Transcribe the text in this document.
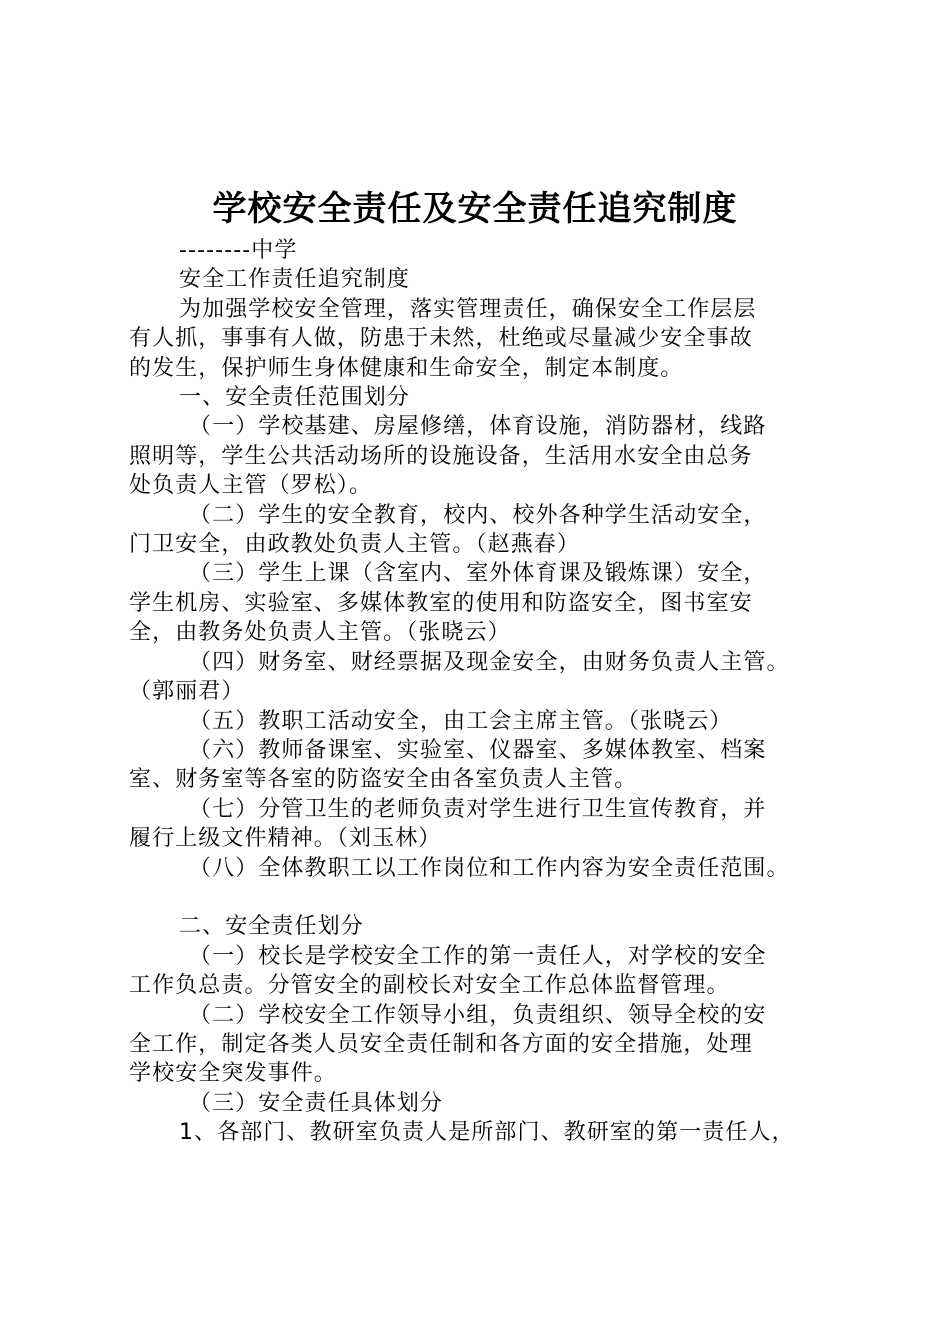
学校安全责任及安全责任追究制度
--------中学
安全工作责任追究制度
为加强学校安全管理，落实管理责任，确保安全工作层层
有人抓，事事有人做，防患于未然，杜绝或尽量减少安全事故
的发生，保护师生身体健康和生命安全，制定本制度。
一、安全责任范围划分
（一）学校基建、房屋修缮，体育设施，消防器材，线路
照明等，学生公共活动场所的设施设备，生活用水安全由总务
处负责人主管（罗松）。
（二）学生的安全教育，校内、校外各种学生活动安全，
门卫安全，由政教处负责人主管。（赵燕春）
（三）学生上课（含室内、室外体育课及锻炼课）安全，
学生机房、实验室、多媒体教室的使用和防盗安全，图书室安
全，由教务处负责人主管。（张晓云）
（四）财务室、财经票据及现金安全，由财务负责人主管。
（郭丽君）
（五）教职工活动安全，由工会主席主管。（张晓云）
（六）教师备课室、实验室、仪器室、多媒体教室、档案
室、财务室等各室的防盗安全由各室负责人主管。
（七）分管卫生的老师负责对学生进行卫生宣传教育，并
履行上级文件精神。（刘玉林）
（八）全体教职工以工作岗位和工作内容为安全责任范围。
二、安全责任划分
（一）校长是学校安全工作的第一责任人，对学校的安全
工作负总责。分管安全的副校长对安全工作总体监督管理。
（二）学校安全工作领导小组，负责组织、领导全校的安
全工作，制定各类人员安全责任制和各方面的安全措施，处理
学校安全突发事件。
（三）安全责任具体划分
1、各部门、教研室负责人是所部门、教研室的第一责任人，
